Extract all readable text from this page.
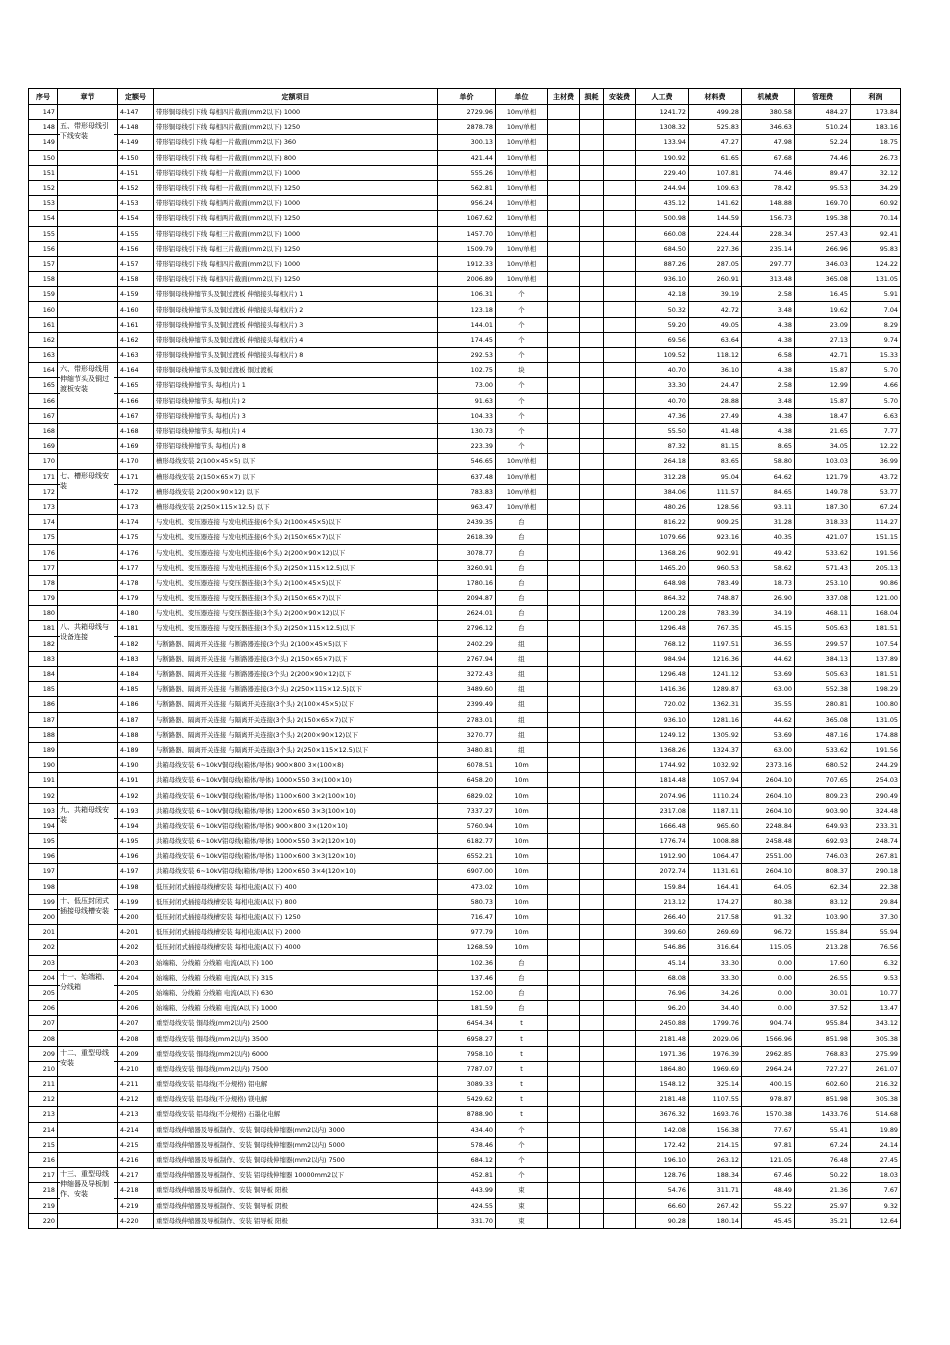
序号	章节	定额号	定额项目	单价	单位	主材费	损耗	安装费	人工费	材料费	机械费	管理费	利润
147		4-147	带形铜母线引下线 每相四片截面(mm2以下) 1000	2729.96	10m/单相				1241.72	499.28	380.58	484.27	173.84
148	五、带形母线引下线安装	4-148	带形铜母线引下线 每相四片截面(mm2以下) 1250	2878.78	10m/单相				1308.32	525.83	346.63	510.24	183.16
149		4-149	带形铝母线引下线 每相一片截面(mm2以下) 360	300.13	10m/单相				133.94	47.27	47.98	52.24	18.75
150		4-150	带形铝母线引下线 每相一片截面(mm2以下) 800	421.44	10m/单相				190.92	61.65	67.68	74.46	26.73
151		4-151	带形铝母线引下线 每相一片截面(mm2以下) 1000	555.26	10m/单相				229.40	107.81	74.46	89.47	32.12
152		4-152	带形铝母线引下线 每相一片截面(mm2以下) 1250	562.81	10m/单相				244.94	109.63	78.42	95.53	34.29
153		4-153	带形铝母线引下线 每相两片截面(mm2以下) 1000	956.24	10m/单相				435.12	141.62	148.88	169.70	60.92
154		4-154	带形铝母线引下线 每相两片截面(mm2以下) 1250	1067.62	10m/单相				500.98	144.59	156.73	195.38	70.14
155		4-155	带形铝母线引下线 每相三片截面(mm2以下) 1000	1457.70	10m/单相				660.08	224.44	228.34	257.43	92.41
156		4-156	带形铝母线引下线 每相三片截面(mm2以下) 1250	1509.79	10m/单相				684.50	227.36	235.14	266.96	95.83
157		4-157	带形铝母线引下线 每相四片截面(mm2以下) 1000	1912.33	10m/单相				887.26	287.05	297.77	346.03	124.22
158		4-158	带形铝母线引下线 每相四片截面(mm2以下) 1250	2006.89	10m/单相				936.10	260.91	313.48	365.08	131.05
159		4-159	带形铜母线伸缩节头及铜过渡板 伸缩接头每相(片) 1	106.31	个				42.18	39.19	2.58	16.45	5.91
160		4-160	带形铜母线伸缩节头及铜过渡板 伸缩接头每相(片) 2	123.18	个				50.32	42.72	3.48	19.62	7.04
161		4-161	带形铜母线伸缩节头及铜过渡板 伸缩接头每相(片) 3	144.01	个				59.20	49.05	4.38	23.09	8.29
162		4-162	带形铜母线伸缩节头及铜过渡板 伸缩接头每相(片) 4	174.45	个				69.56	63.64	4.38	27.13	9.74
163		4-163	带形铜母线伸缩节头及铜过渡板 伸缩接头每相(片) 8	292.53	个				109.52	118.12	6.58	42.71	15.33
164	六、带形母线用伸缩节头及铜过渡板安装	4-164	带形铜母线伸缩节头及铜过渡板 铜过渡板	102.75	块				40.70	36.10	4.38	15.87	5.70
165		4-165	带形铝母线伸缩节头 每相(片) 1	73.00	个				33.30	24.47	2.58	12.99	4.66
166		4-166	带形铝母线伸缩节头 每相(片) 2	91.63	个				40.70	28.88	3.48	15.87	5.70
167		4-167	带形铝母线伸缩节头 每相(片) 3	104.33	个				47.36	27.49	4.38	18.47	6.63
168		4-168	带形铝母线伸缩节头 每相(片) 4	130.73	个				55.50	41.48	4.38	21.65	7.77
169		4-169	带形铝母线伸缩节头 每相(片) 8	223.39	个				87.32	81.15	8.65	34.05	12.22
170		4-170	槽形母线安装 2(100×45×5) 以下	546.65	10m/单相				264.18	83.65	58.80	103.03	36.99
171	七、槽形母线安装	4-171	槽形母线安装 2(150×65×7) 以下	637.48	10m/单相				312.28	95.04	64.62	121.79	43.72
172		4-172	槽形母线安装 2(200×90×12) 以下	783.83	10m/单相				384.06	111.57	84.65	149.78	53.77
173		4-173	槽形母线安装 2(250×115×12.5) 以下	963.47	10m/单相				480.26	128.56	93.11	187.30	67.24
174		4-174	与发电机、变压器连接 与发电机连接(6个头) 2(100×45×5)以下	2439.35	台				816.22	909.25	31.28	318.33	114.27
175		4-175	与发电机、变压器连接 与发电机连接(6个头) 2(150×65×7)以下	2618.39	台				1079.66	923.16	40.35	421.07	151.15
176		4-176	与发电机、变压器连接 与发电机连接(6个头) 2(200×90×12)以下	3078.77	台				1368.26	902.91	49.42	533.62	191.56
177		4-177	与发电机、变压器连接 与发电机连接(6个头) 2(250×115×12.5)以下	3260.91	台				1465.20	960.53	58.62	571.43	205.13
178		4-178	与发电机、变压器连接 与变压器连接(3个头) 2(100×45×5)以下	1780.16	台				648.98	783.49	18.73	253.10	90.86
179		4-179	与发电机、变压器连接 与变压器连接(3个头) 2(150×65×7)以下	2094.87	台				864.32	748.87	26.90	337.08	121.00
180		4-180	与发电机、变压器连接 与变压器连接(3个头) 2(200×90×12)以下	2624.01	台				1200.28	783.39	34.19	468.11	168.04
181	八、共箱母线与设备连接	4-181	与发电机、变压器连接 与变压器连接(3个头) 2(250×115×12.5)以下	2796.12	台				1296.48	767.35	45.15	505.63	181.51
182		4-182	与断路器、隔离开关连接 与断路器连接(3个头) 2(100×45×5)以下	2402.29	组				768.12	1197.51	36.55	299.57	107.54
183		4-183	与断路器、隔离开关连接 与断路器连接(3个头) 2(150×65×7)以下	2767.94	组				984.94	1216.36	44.62	384.13	137.89
184		4-184	与断路器、隔离开关连接 与断路器连接(3个头) 2(200×90×12)以下	3272.43	组				1296.48	1241.12	53.69	505.63	181.51
185		4-185	与断路器、隔离开关连接 与断路器连接(3个头) 2(250×115×12.5)以下	3489.60	组				1416.36	1289.87	63.00	552.38	198.29
186		4-186	与断路器、隔离开关连接 与隔离开关连接(3个头) 2(100×45×5)以下	2399.49	组				720.02	1362.31	35.55	280.81	100.80
187		4-187	与断路器、隔离开关连接 与隔离开关连接(3个头) 2(150×65×7)以下	2783.01	组				936.10	1281.16	44.62	365.08	131.05
188		4-188	与断路器、隔离开关连接 与隔离开关连接(3个头) 2(200×90×12)以下	3270.77	组				1249.12	1305.92	53.69	487.16	174.88
189		4-189	与断路器、隔离开关连接 与隔离开关连接(3个头) 2(250×115×12.5)以下	3480.81	组				1368.26	1324.37	63.00	533.62	191.56
190		4-190	共箱母线安装 6~10kV铜母线(箱体/导体) 900×800 3×(100×8)	6078.51	10m				1744.92	1032.92	2373.16	680.52	244.29
191		4-191	共箱母线安装 6~10kV铜母线(箱体/导体) 1000×550 3×(100×10)	6458.20	10m				1814.48	1057.94	2604.10	707.65	254.03
192		4-192	共箱母线安装 6~10kV铜母线(箱体/导体) 1100×600 3×2(100×10)	6829.02	10m				2074.96	1110.24	2604.10	809.23	290.49
193	九、共箱母线安装	4-193	共箱母线安装 6~10kV铜母线(箱体/导体) 1200×650 3×3(100×10)	7337.27	10m				2317.08	1187.11	2604.10	903.90	324.48
194		4-194	共箱母线安装 6~10kV铝母线(箱体/导体) 900×800 3×(120×10)	5760.94	10m				1666.48	965.60	2248.84	649.93	233.31
195		4-195	共箱母线安装 6~10kV铝母线(箱体/导体) 1000×550 3×2(120×10)	6182.77	10m				1776.74	1008.88	2458.48	692.93	248.74
196		4-196	共箱母线安装 6~10kV铝母线(箱体/导体) 1100×600 3×3(120×10)	6552.21	10m				1912.90	1064.47	2551.00	746.03	267.81
197		4-197	共箱母线安装 6~10kV铝母线(箱体/导体) 1200×650 3×4(120×10)	6907.00	10m				2072.74	1131.61	2604.10	808.37	290.18
198		4-198	低压封闭式插接母线槽安装 每相电流(A以下) 400	473.02	10m				159.84	164.41	64.05	62.34	22.38
199	十、低压封闭式插接母线槽安装	4-199	低压封闭式插接母线槽安装 每相电流(A以下) 800	580.73	10m				213.12	174.27	80.38	83.12	29.84
200		4-200	低压封闭式插接母线槽安装 每相电流(A以下) 1250	716.47	10m				266.40	217.58	91.32	103.90	37.30
201		4-201	低压封闭式插接母线槽安装 每相电流(A以下) 2000	977.79	10m				399.60	269.69	96.72	155.84	55.94
202		4-202	低压封闭式插接母线槽安装 每相电流(A以下) 4000	1268.59	10m				546.86	316.64	115.05	213.28	76.56
203		4-203	始端箱、分线箱 分线箱 电流(A以下) 100	102.36	台				45.14	33.30	0.00	17.60	6.32
204	十一、始端箱、分线箱	4-204	始端箱、分线箱 分线箱 电流(A以下) 315	137.46	台				68.08	33.30	0.00	26.55	9.53
205		4-205	始端箱、分线箱 分线箱 电流(A以下) 630	152.00	台				76.96	34.26	0.00	30.01	10.77
206		4-206	始端箱、分线箱 分线箱 电流(A以下) 1000	181.59	台				96.20	34.40	0.00	37.52	13.47
207		4-207	重型母线安装 铜母线(mm2以内) 2500	6454.34	t				2450.88	1799.76	904.74	955.84	343.12
208		4-208	重型母线安装 铜母线(mm2以内) 3500	6958.27	t				2181.48	2029.06	1566.96	851.98	305.38
209	十二、重型母线安装	4-209	重型母线安装 铜母线(mm2以内) 6000	7958.10	t				1971.36	1976.39	2962.85	768.83	275.99
210		4-210	重型母线安装 铜母线(mm2以内) 7500	7787.07	t				1864.80	1969.69	2964.24	727.27	261.07
211		4-211	重型母线安装 铝母线(不分规格) 铝电解	3089.33	t				1548.12	325.14	400.15	602.60	216.32
212		4-212	重型母线安装 铝母线(不分规格) 镁电解	5429.62	t				2181.48	1107.55	978.87	851.98	305.38
213		4-213	重型母线安装 铝母线(不分规格) 石墨化电解	8788.90	t				3676.32	1693.76	1570.38	1433.76	514.68
214		4-214	重型母线伸缩器及导板制作、安装 铜母线伸缩器(mm2以内) 3000	434.40	个				142.08	156.38	77.67	55.41	19.89
215		4-215	重型母线伸缩器及导板制作、安装 铜母线伸缩器(mm2以内) 5000	578.46	个				172.42	214.15	97.81	67.24	24.14
216		4-216	重型母线伸缩器及导板制作、安装 铜母线伸缩器(mm2以内) 7500	684.12	个				196.10	263.12	121.05	76.48	27.45
217	十三、重型母线伸缩器及导板制作、安装	4-217	重型母线伸缩器及导板制作、安装 铝母线伸缩器 10000mm2以下	452.81	个				128.76	188.34	67.46	50.22	18.03
218		4-218	重型母线伸缩器及导板制作、安装 铜导板 阳极	443.99	束				54.76	311.71	48.49	21.36	7.67
219		4-219	重型母线伸缩器及导板制作、安装 铜导板 阴极	424.55	束				66.60	267.42	55.22	25.97	9.32
220		4-220	重型母线伸缩器及导板制作、安装 铝导板 阳极	331.70	束				90.28	180.14	45.45	35.21	12.64
